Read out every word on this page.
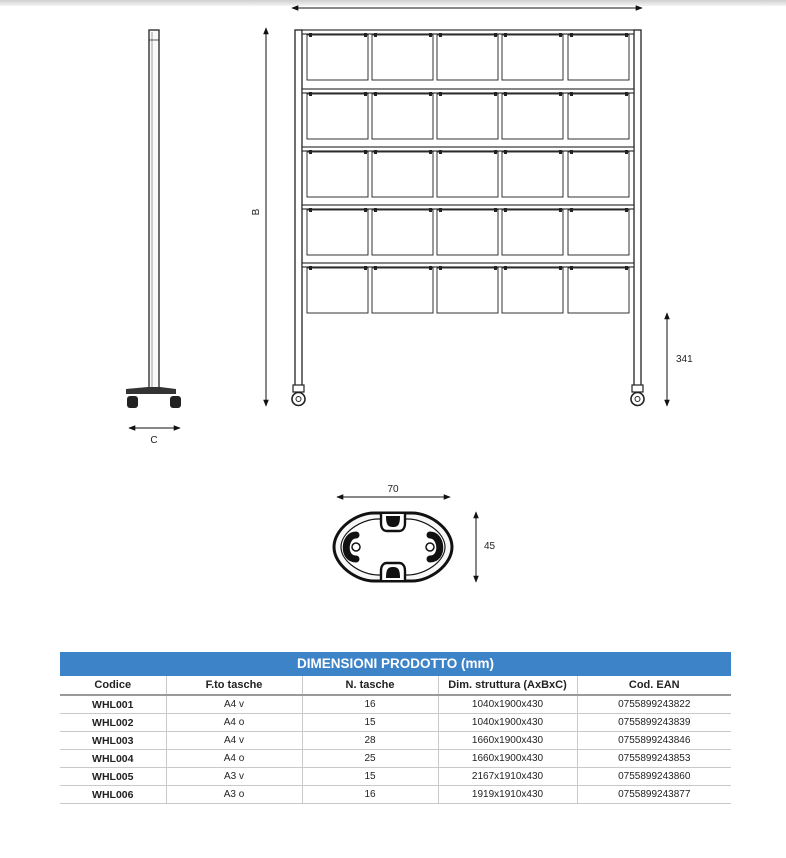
C
B
341
70
45
DIMENSIONI PRODOTTO (mm)
Codice	F.to tasche	N. tasche	Dim. struttura (AxBxC)	Cod. EAN
WHL001	A4 v	16	1040x1900x430	0755899243822
WHL002	A4 o	15	1040x1900x430	0755899243839
WHL003	A4 v	28	1660x1900x430	0755899243846
WHL004	A4 o	25	1660x1900x430	0755899243853
WHL005	A3 v	15	2167x1910x430	0755899243860
WHL006	A3 o	16	1919x1910x430	0755899243877
